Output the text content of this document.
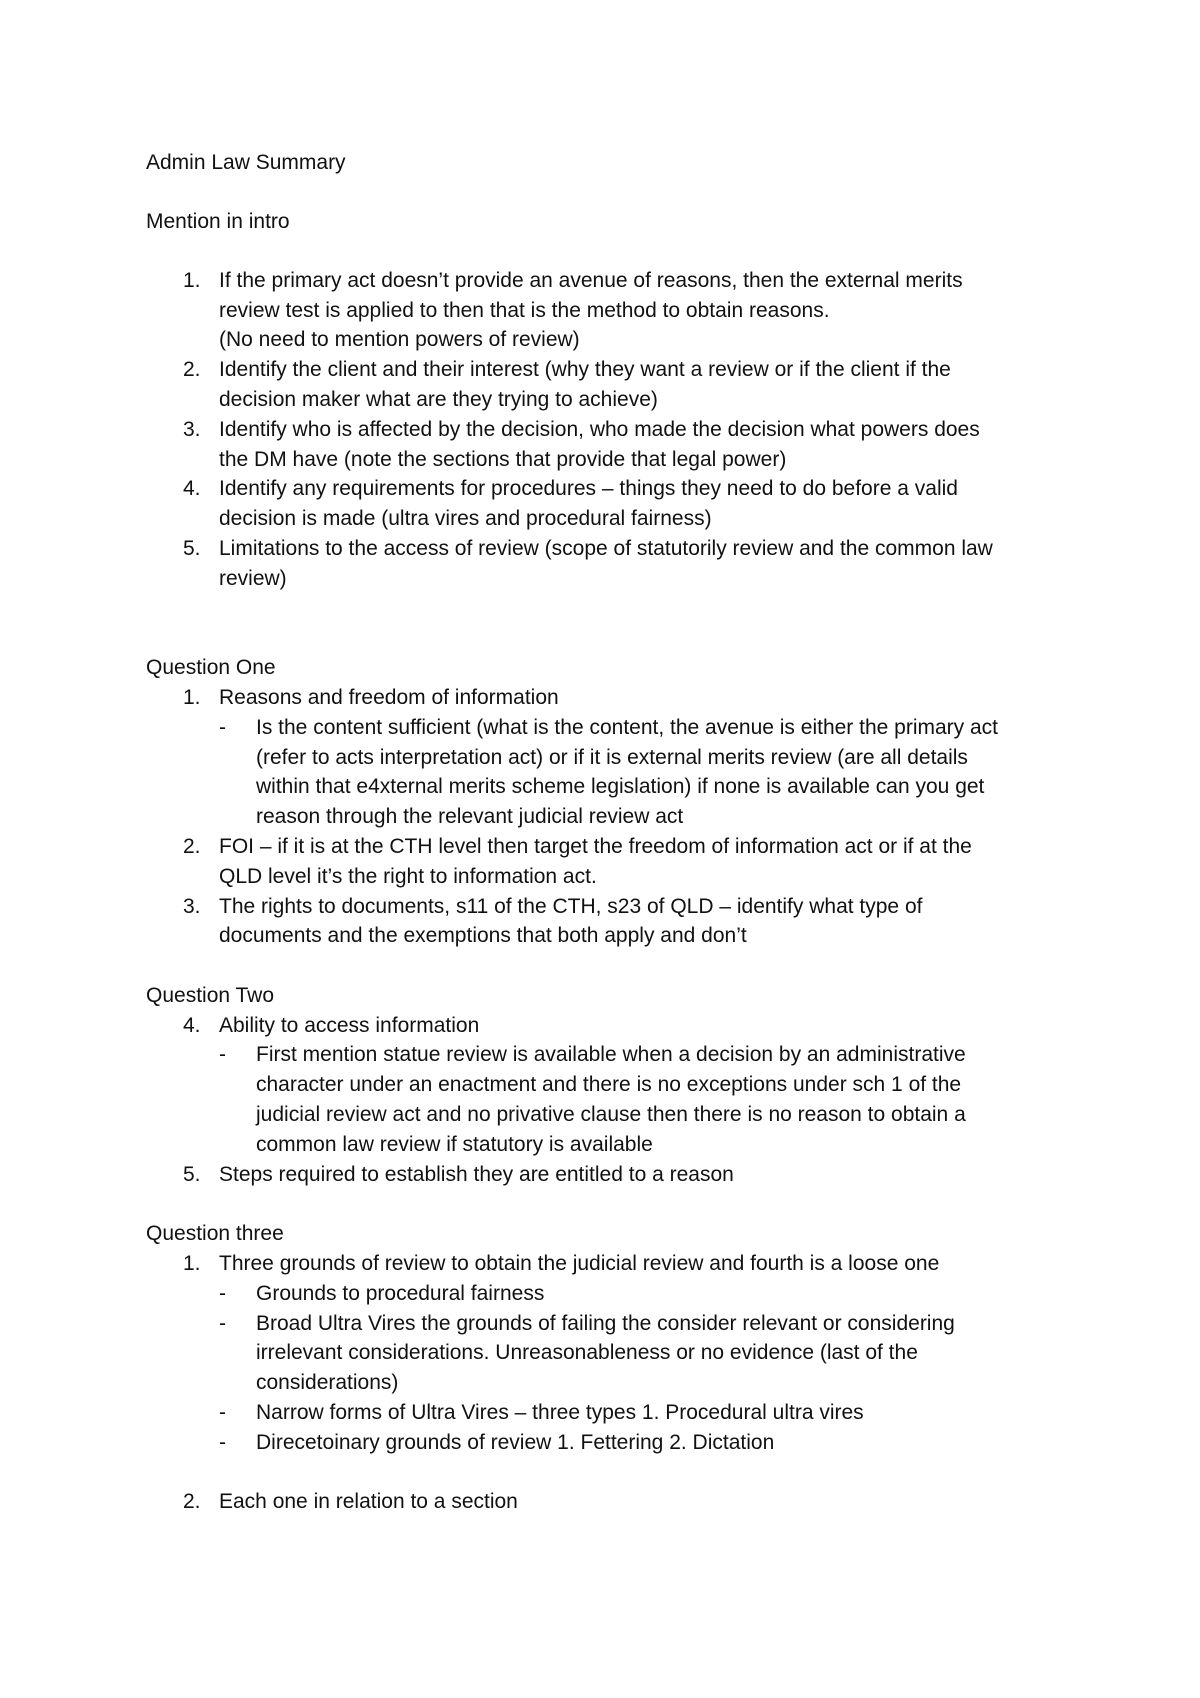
Admin Law Summary
Mention in intro
1. If the primary act doesn’t provide an avenue of reasons, then the external merits
review test is applied to then that is the method to obtain reasons.
(No need to mention powers of review)
2. Identify the client and their interest (why they want a review or if the client if the
decision maker what are they trying to achieve)
3. Identify who is affected by the decision, who made the decision what powers does
the DM have (note the sections that provide that legal power)
4. Identify any requirements for procedures – things they need to do before a valid
decision is made (ultra vires and procedural fairness)
5. Limitations to the access of review (scope of statutorily review and the common law
review)
Question One
1. Reasons and freedom of information
- Is the content sufficient (what is the content, the avenue is either the primary act
(refer to acts interpretation act) or if it is external merits review (are all details
within that e4xternal merits scheme legislation) if none is available can you get
reason through the relevant judicial review act
2. FOI – if it is at the CTH level then target the freedom of information act or if at the
QLD level it’s the right to information act.
3. The rights to documents, s11 of the CTH, s23 of QLD – identify what type of
documents and the exemptions that both apply and don’t
Question Two
4. Ability to access information
- First mention statue review is available when a decision by an administrative
character under an enactment and there is no exceptions under sch 1 of the
judicial review act and no privative clause then there is no reason to obtain a
common law review if statutory is available
5. Steps required to establish they are entitled to a reason
Question three
1. Three grounds of review to obtain the judicial review and fourth is a loose one
- Grounds to procedural fairness
- Broad Ultra Vires the grounds of failing the consider relevant or considering
irrelevant considerations. Unreasonableness or no evidence (last of the
considerations)
- Narrow forms of Ultra Vires – three types 1. Procedural ultra vires
- Direcetoinary grounds of review 1. Fettering 2. Dictation
2. Each one in relation to a section
